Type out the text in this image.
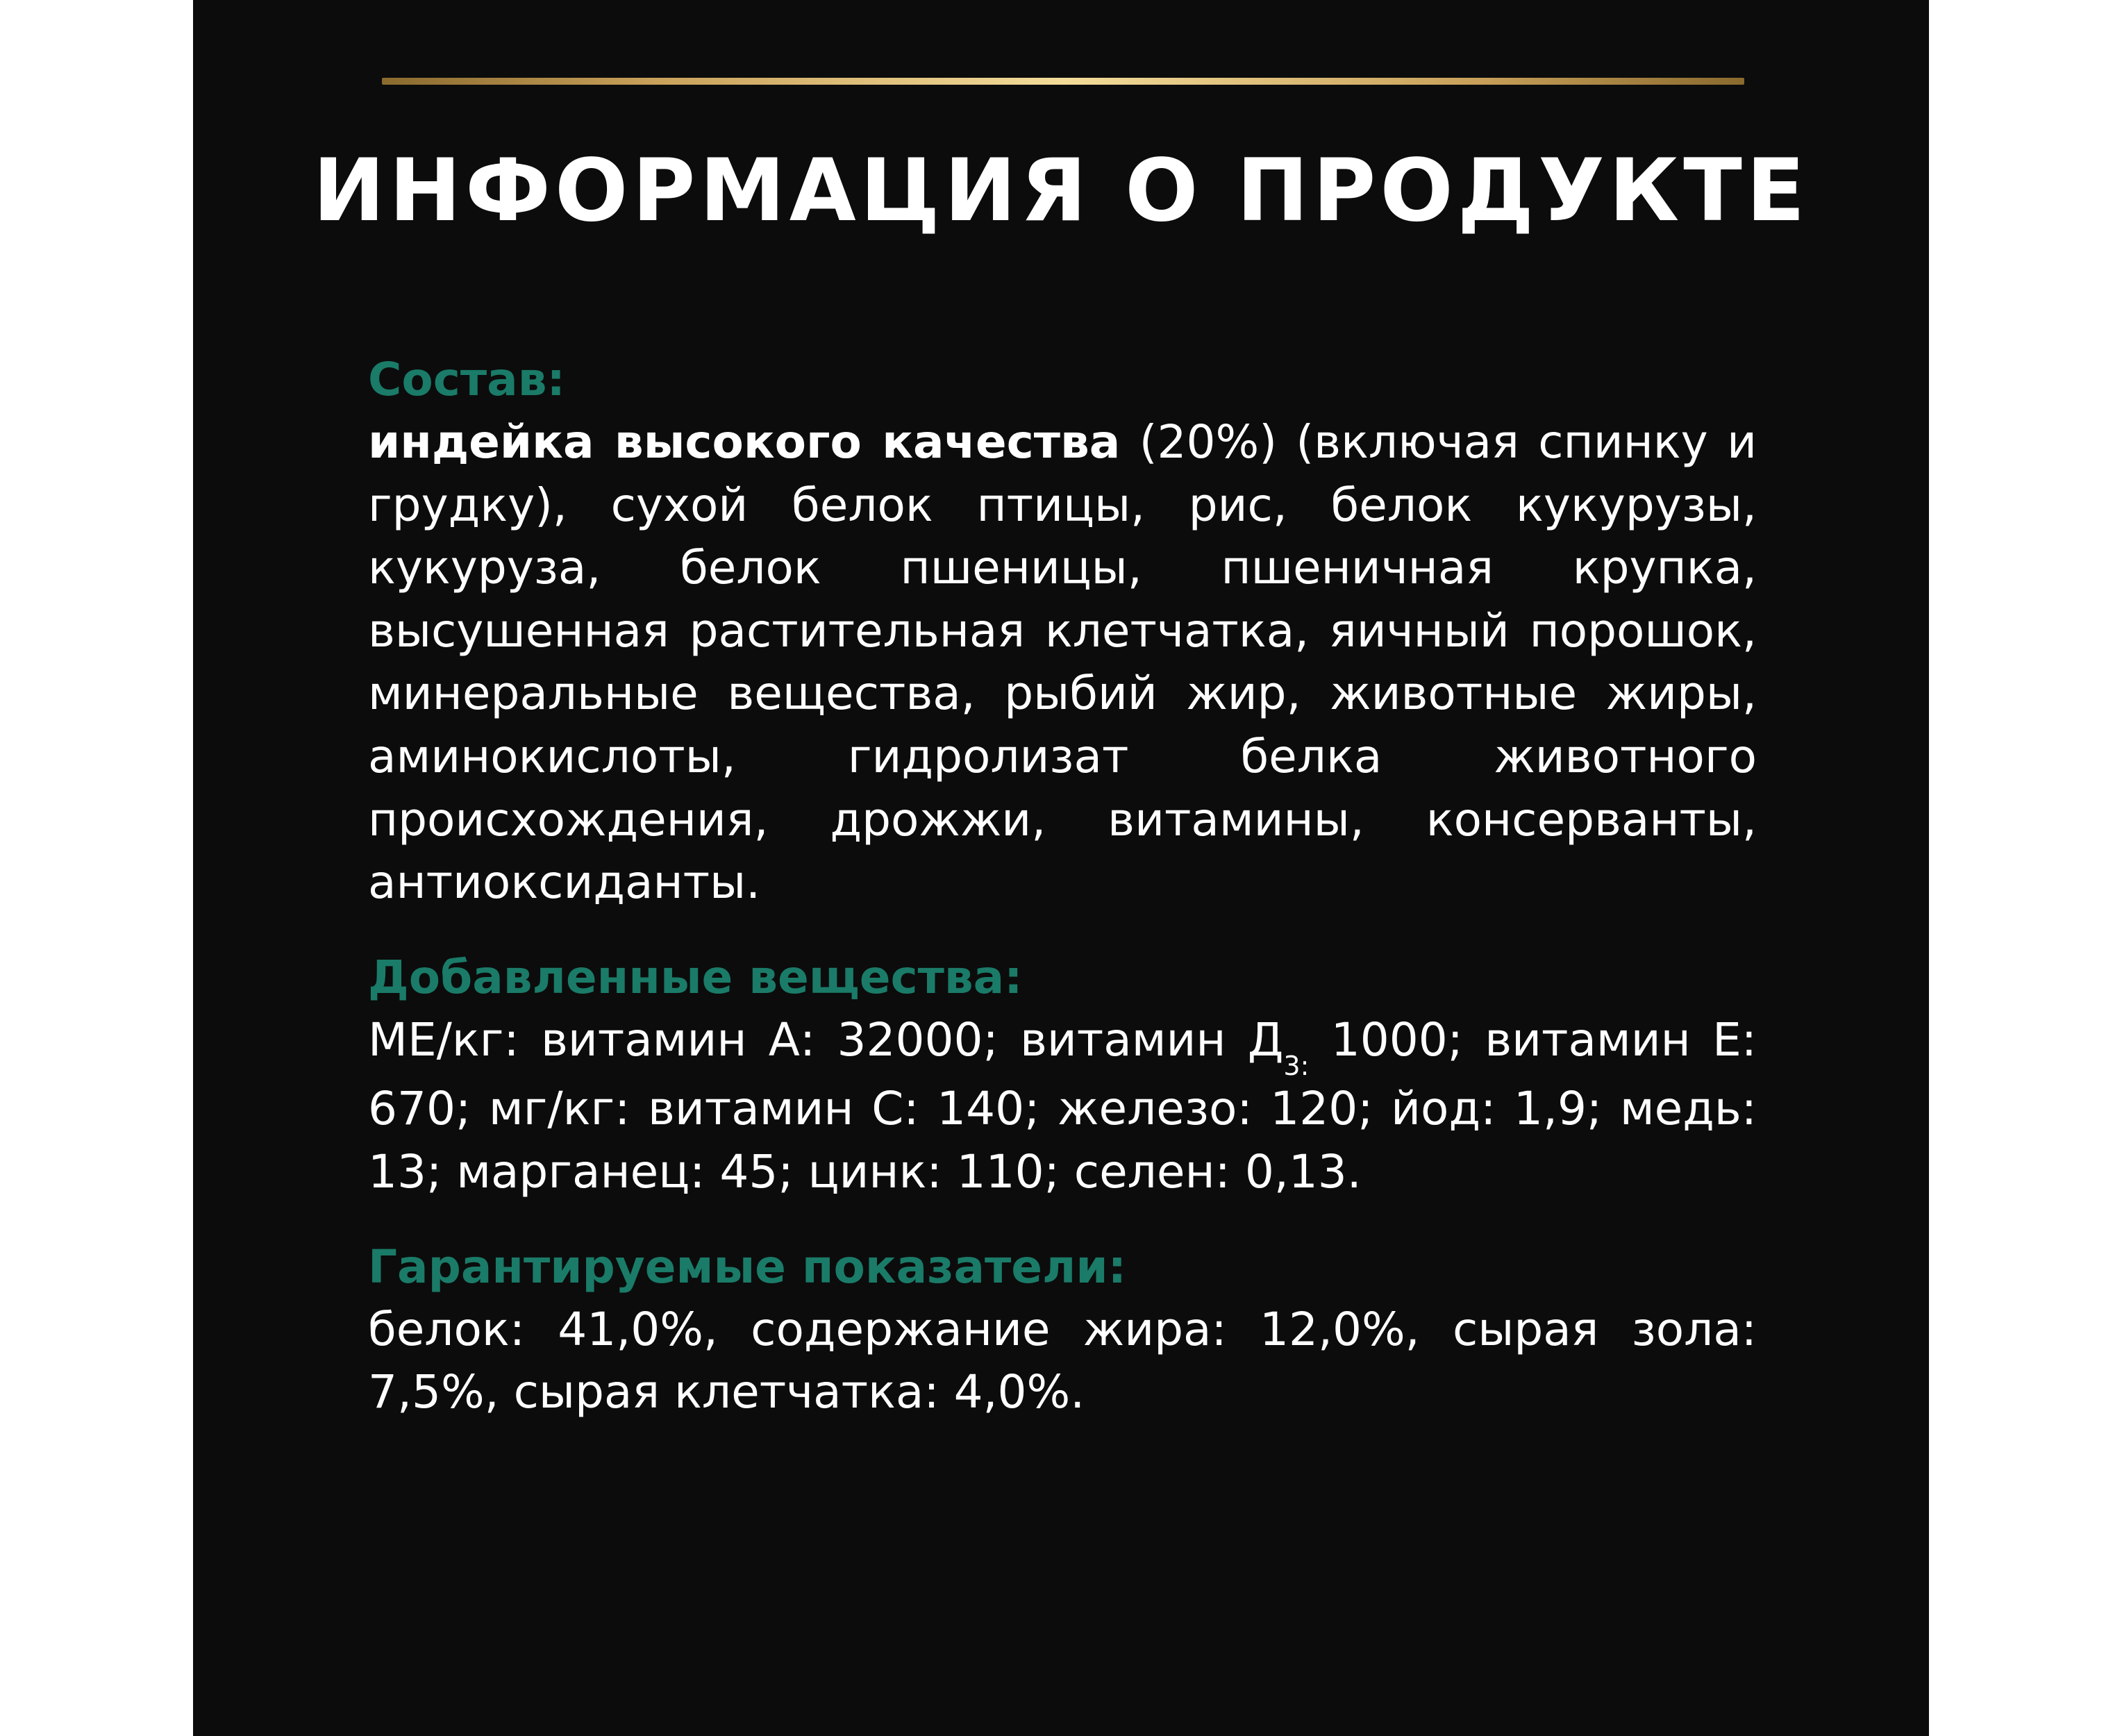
ИНФОРМАЦИЯ О ПРОДУКТЕ

Состав:

индейка высокого качества (20%) (включая спинку и грудку), сухой белок птицы, рис, белок кукурузы, кукуруза, белок пшеницы, пшеничная крупка, высушенная растительная клетчатка, яичный порошок, минеральные вещества, рыбий жир, животные жиры, аминокислоты, гидролизат белка животного происхождения, дрожжи, витамины, консерванты, антиоксиданты.

Добавленные вещества:

МЕ/кг: витамин А: 32000; витамин $Д_{3:}$ 1000; витамин Е: 670; мг/кг: витамин С: 140; железо: 120; йод: 1,9; медь: 13; марганец: 45; цинк: 110; селен: 0,13.

Гарантируемые показатели:

белок: 41,0%, содержание жира: 12,0%, сырая зола: 7,5%, сырая клетчатка: 4,0%.
